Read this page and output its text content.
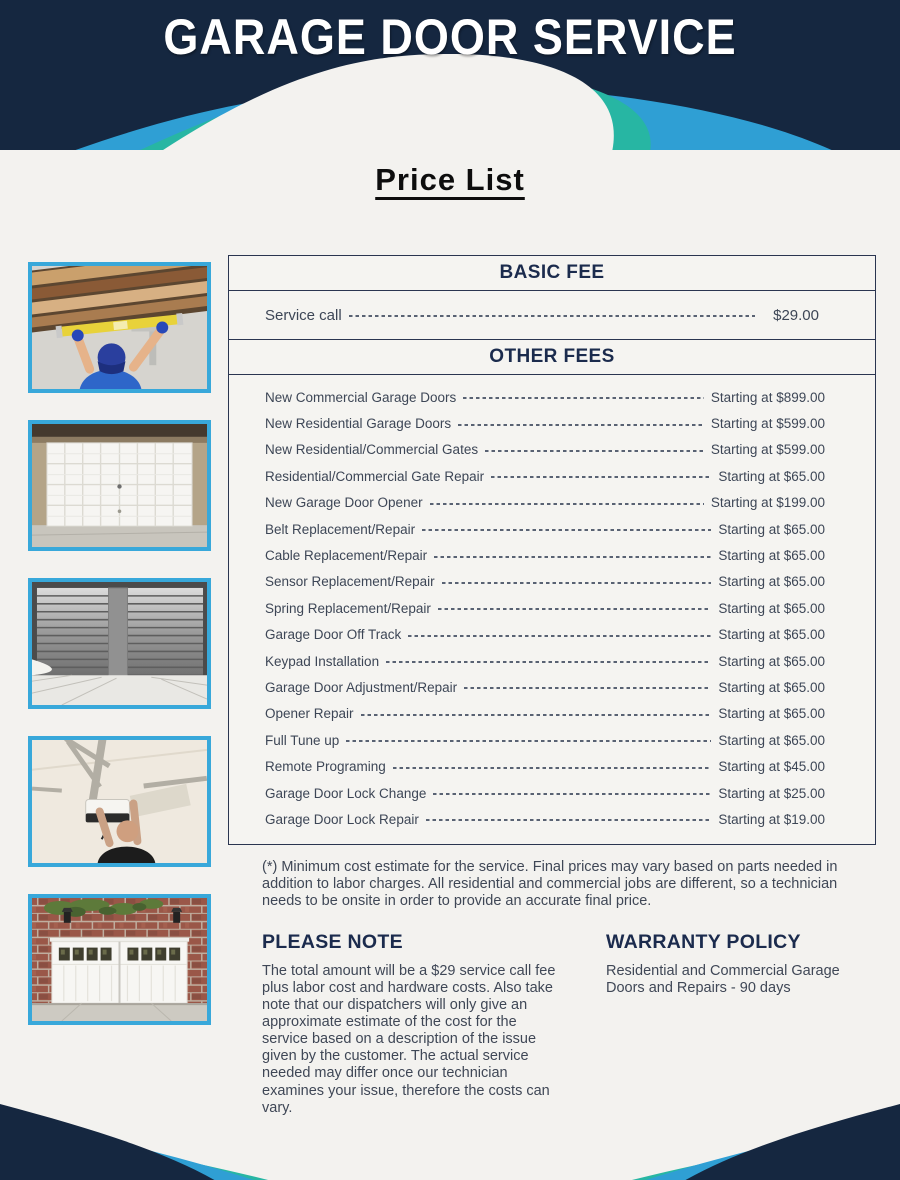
GARAGE DOOR SERVICE
Price List
BASIC FEE
Service call	$29.00
OTHER FEES
New Commercial Garage Doors	Starting at $899.00
New Residential Garage Doors	Starting at $599.00
New Residential/Commercial Gates	Starting at $599.00
Residential/Commercial Gate Repair	Starting at $65.00
New Garage Door Opener	Starting at $199.00
Belt Replacement/Repair	Starting at $65.00
Cable Replacement/Repair	Starting at $65.00
Sensor Replacement/Repair	Starting at $65.00
Spring Replacement/Repair	Starting at $65.00
Garage Door Off Track	Starting at $65.00
Keypad Installation	Starting at $65.00
Garage Door Adjustment/Repair	Starting at $65.00
Opener Repair	Starting at $65.00
Full Tune up	Starting at $65.00
Remote Programing	Starting at $45.00
Garage Door Lock Change	Starting at $25.00
Garage Door Lock Repair	Starting at $19.00
(*) Minimum cost estimate for the service. Final prices may vary based on parts needed in addition to labor charges. All residential and commercial jobs are different, so a technician needs to be onsite in order to provide an accurate final price.
PLEASE NOTE
The total amount will be a $29 service call fee plus labor cost and hardware costs. Also take note that our dispatchers will only give an approximate estimate of the cost for the service based on a description of the issue given by the customer. The actual service needed may differ once our technician examines your issue, therefore the costs can vary.
WARRANTY POLICY
Residential and Commercial Garage Doors and Repairs - 90 days
